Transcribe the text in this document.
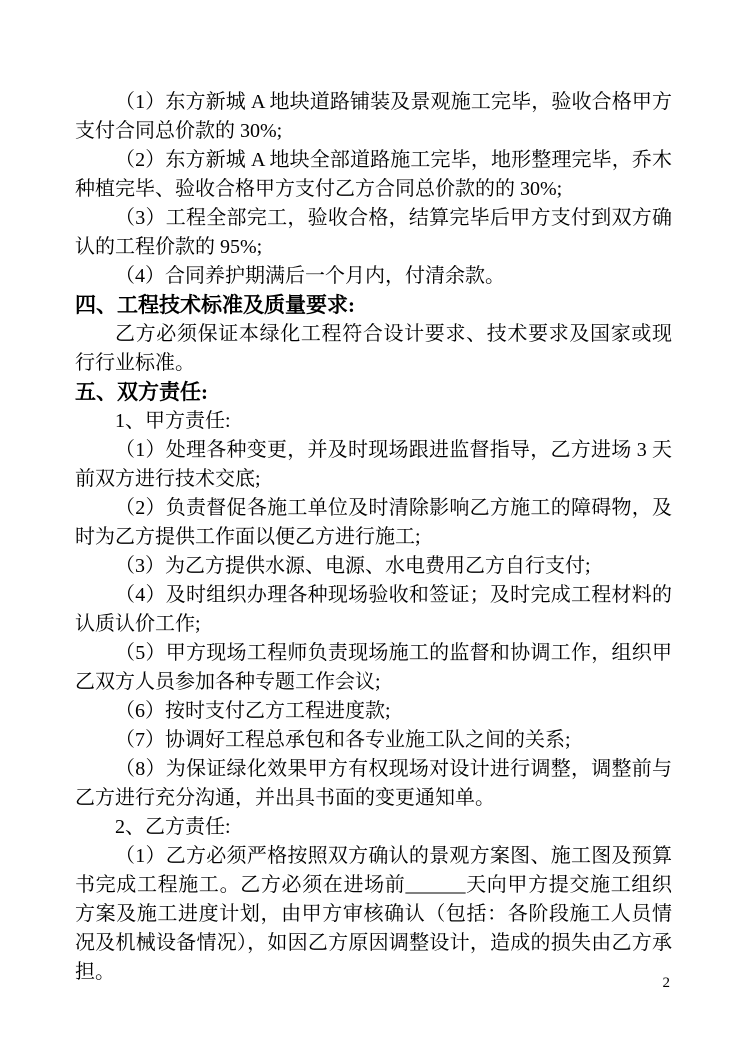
（1）东方新城 A 地块道路铺装及景观施工完毕，验收合格甲方支付合同总价款的 30%;

（2）东方新城 A 地块全部道路施工完毕，地形整理完毕，乔木种植完毕、验收合格甲方支付乙方合同总价款的的 30%;

（3）工程全部完工，验收合格，结算完毕后甲方支付到双方确认的工程价款的 95%;

（4）合同养护期满后一个月内，付清余款。

四、工程技术标准及质量要求:

乙方必须保证本绿化工程符合设计要求、技术要求及国家或现行行业标准。

五、双方责任:

1、甲方责任:

（1）处理各种变更，并及时现场跟进监督指导，乙方进场 3 天前双方进行技术交底;

（2）负责督促各施工单位及时清除影响乙方施工的障碍物，及时为乙方提供工作面以便乙方进行施工;

（3）为乙方提供水源、电源、水电费用乙方自行支付;

（4）及时组织办理各种现场验收和签证；及时完成工程材料的认质认价工作;

（5）甲方现场工程师负责现场施工的监督和协调工作，组织甲乙双方人员参加各种专题工作会议;

（6）按时支付乙方工程进度款;

（7）协调好工程总承包和各专业施工队之间的关系;

（8）为保证绿化效果甲方有权现场对设计进行调整，调整前与乙方进行充分沟通，并出具书面的变更通知单。

2、乙方责任:

（1）乙方必须严格按照双方确认的景观方案图、施工图及预算书完成工程施工。乙方必须在进场前______天向甲方提交施工组织方案及施工进度计划，由甲方审核确认（包括：各阶段施工人员情况及机械设备情况），如因乙方原因调整设计，造成的损失由乙方承担。	2
